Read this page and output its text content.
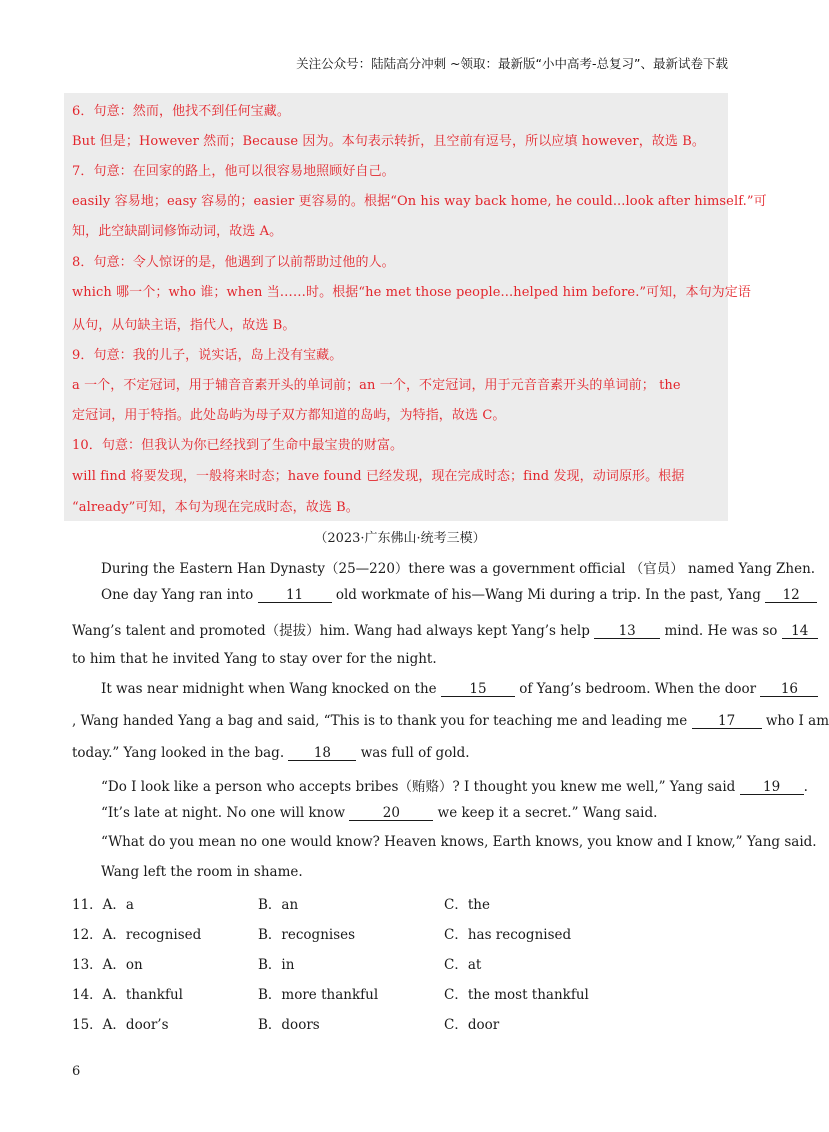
关注公众号：陆陆高分冲刺 ~领取：最新版“小中高考-总复习”、最新试卷下载
6．句意：然而，他找不到任何宝藏。
But 但是；However 然而；Because 因为。本句表示转折，且空前有逗号，所以应填 however，故选 B。
7．句意：在回家的路上，他可以很容易地照顾好自己。
easily 容易地；easy 容易的；easier 更容易的。根据“On his way back home, he could...look after himself.”可
知，此空缺副词修饰动词，故选 A。
8．句意：令人惊讶的是，他遇到了以前帮助过他的人。
which 哪一个；who 谁；when 当……时。根据“he met those people...helped him before.”可知，本句为定语
从句，从句缺主语，指代人，故选 B。
9．句意：我的儿子，说实话，岛上没有宝藏。
a 一个，不定冠词，用于辅音音素开头的单词前；an 一个，不定冠词，用于元音音素开头的单词前； the
定冠词，用于特指。此处岛屿为母子双方都知道的岛屿，为特指，故选 C。
10．句意：但我认为你已经找到了生命中最宝贵的财富。
will find 将要发现，一般将来时态；have found 已经发现，现在完成时态；find 发现，动词原形。根据
“already”可知，本句为现在完成时态，故选 B。
（2023·广东佛山·统考三模）
During the Eastern Han Dynasty（25—220）there was a government official （官员） named Yang Zhen.
One day Yang ran into 11 old workmate of his—Wang Mi during a trip. In the past, Yang 12
Wang’s talent and promoted（提拔）him. Wang had always kept Yang’s help 13 mind. He was so 14
to him that he invited Yang to stay over for the night.
It was near midnight when Wang knocked on the 15 of Yang’s bedroom. When the door 16
, Wang handed Yang a bag and said, “This is to thank you for teaching me and leading me 17 who I am
today.” Yang looked in the bag. 18 was full of gold.
“Do I look like a person who accepts bribes（贿赂）? I thought you knew me well,” Yang said 19 .
“It’s late at night. No one will know	20	we keep it a secret.” Wang said.
“What do you mean no one would know? Heaven knows, Earth knows, you know and I know,” Yang said.
Wang left the room in shame.
11．A．a	B．an	C．the
12．A．recognised	B．recognises	C．has recognised
13．A．on	B．in	C．at
14．A．thankful	B．more thankful	C．the most thankful
15．A．door’s	B．doors	C．door
6
